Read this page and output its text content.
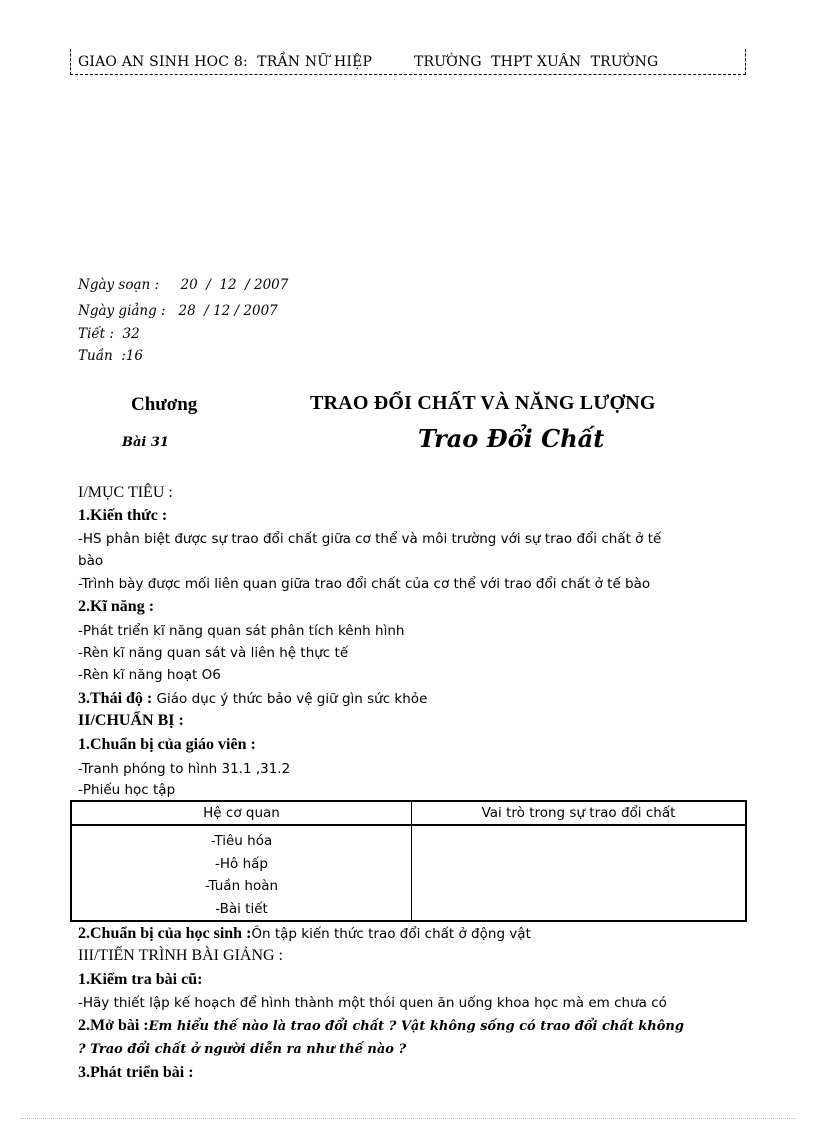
GIAO AN SINH HOC 8:  TRẦN NỮ HIỆP         TRƯỜNG  THPT XUÂN  TRƯỜNG
Ngày soạn :     20  /  12  / 2007
Ngày giảng :   28  / 12 / 2007
Tiết :  32
Tuần  :16
Chương	TRAO ĐỔI CHẤT VÀ NĂNG LƯỢNG
Bài 31	Trao Đổi Chất
I/MỤC TIÊU :
1.Kiến thức :
-HS phân biệt được sự trao đổi chất giữa cơ thể và môi trường với sự trao đổi chất ở tế
bào
-Trình bày được mối liên quan giữa trao đổi chất của cơ thể với trao đổi chất ở tế bào
2.Kĩ năng :
-Phát triển kĩ năng quan sát phân tích kênh hình
-Rèn kĩ năng quan sát và liên hệ thực tế
-Rèn kĩ năng hoạt O6
3.Thái độ : Giáo dục ý thức bảo vệ giữ gìn sức khỏe
II/CHUẨN BỊ :
1.Chuẩn bị của giáo viên :
-Tranh phóng to hình 31.1 ,31.2
-Phiếu học tập
Hệ cơ quan	Vai trò trong sự trao đổi chất

-Tiêu hóa
-Hô hấp
-Tuần hoàn
-Bài tiết	

2.Chuẩn bị của học sinh :Ôn tập kiến thức trao đổi chất ở động vật
III/TIẾN TRÌNH BÀI GIẢNG :
1.Kiểm tra bài cũ:
-Hãy thiết lập kế hoạch để hình thành một thói quen ăn uống khoa học mà em chưa có
2.Mở bài :Em hiểu thế nào là trao đổi chất ? Vật không sống có trao đổi chất không
? Trao đổi chất ở người diễn ra như thế nào ?
3.Phát triển bài :
